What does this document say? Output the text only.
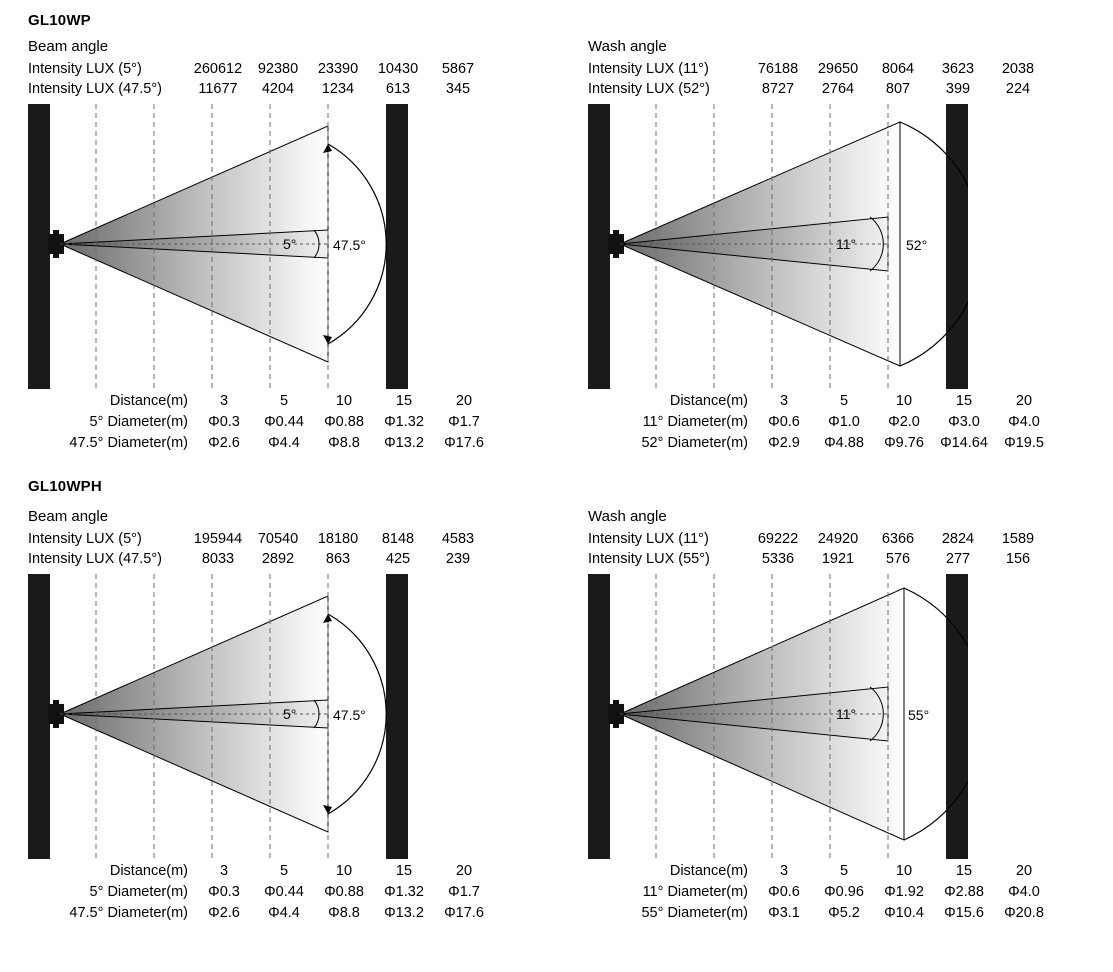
GL10WP
Beam angle
Intensity LUX (5°)	260612	92380	23390	10430	5867
Intensity LUX (47.5°)	11677	4204	1234	613	345
5°	47.5°
Distance(m)	3	5	10	15	20
5° Diameter(m)	Φ0.3	Φ0.44	Φ0.88	Φ1.32	Φ1.7
47.5° Diameter(m)	Φ2.6	Φ4.4	Φ8.8	Φ13.2	Φ17.6
Wash angle
Intensity LUX (11°)	76188	29650	8064	3623	2038
Intensity LUX (52°)	8727	2764	807	399	224
11°	52°
Distance(m)	3	5	10	15	20
11° Diameter(m)	Φ0.6	Φ1.0	Φ2.0	Φ3.0	Φ4.0
52° Diameter(m)	Φ2.9	Φ4.88	Φ9.76	Φ14.64	Φ19.5
GL10WPH
Beam angle
Intensity LUX (5°)	195944	70540	18180	8148	4583
Intensity LUX (47.5°)	8033	2892	863	425	239
5°	47.5°
Distance(m)	3	5	10	15	20
5° Diameter(m)	Φ0.3	Φ0.44	Φ0.88	Φ1.32	Φ1.7
47.5° Diameter(m)	Φ2.6	Φ4.4	Φ8.8	Φ13.2	Φ17.6
Wash angle
Intensity LUX (11°)	69222	24920	6366	2824	1589
Intensity LUX (55°)	5336	1921	576	277	156
11°	55°
Distance(m)	3	5	10	15	20
11° Diameter(m)	Φ0.6	Φ0.96	Φ1.92	Φ2.88	Φ4.0
55° Diameter(m)	Φ3.1	Φ5.2	Φ10.4	Φ15.6	Φ20.8
